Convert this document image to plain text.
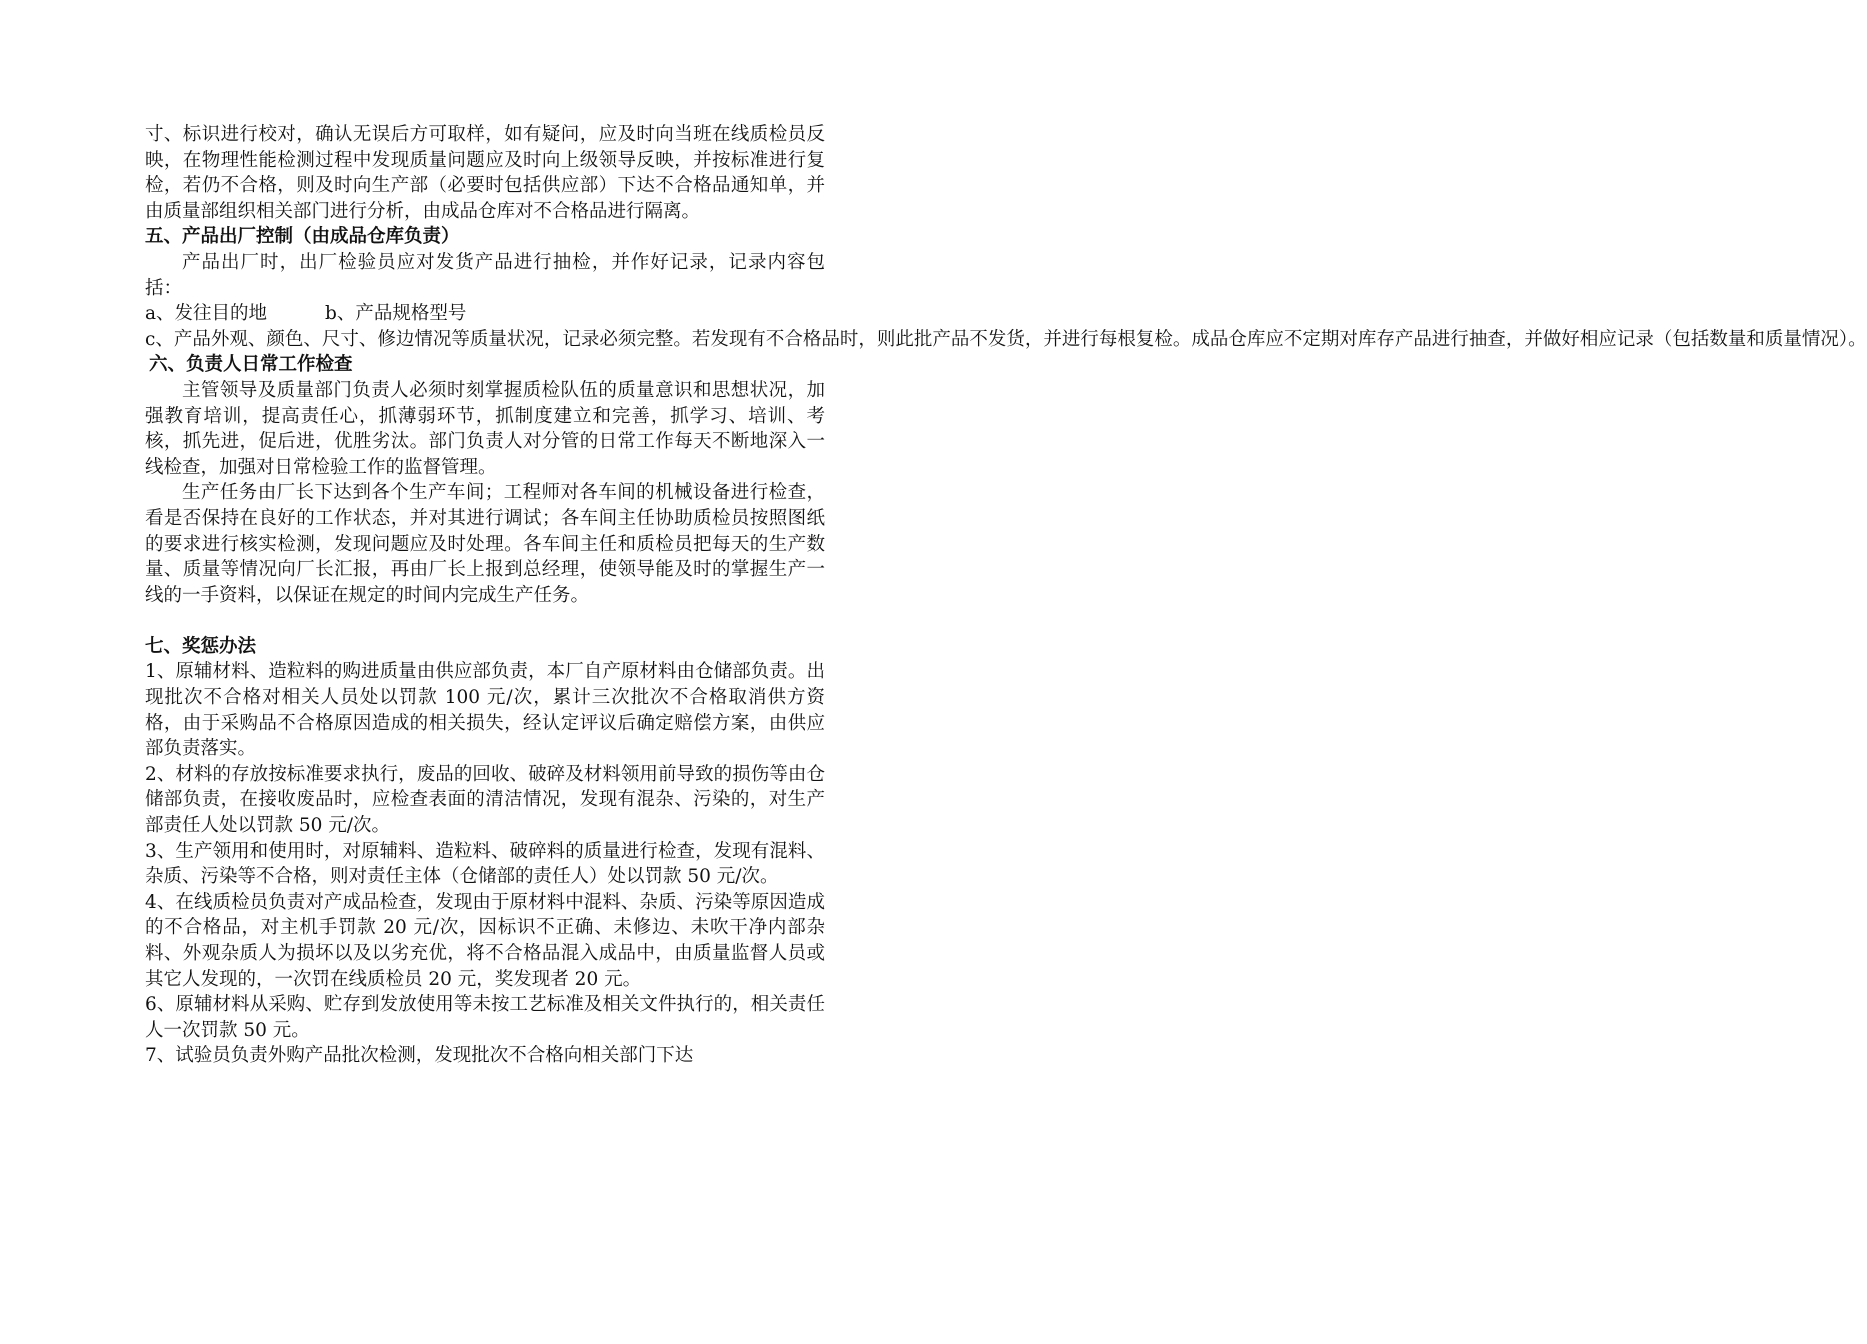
寸、标识进行校对，确认无误后方可取样，如有疑问，应及时向当班在线质检员反映，在物理性能检测过程中发现质量问题应及时向上级领导反映，并按标准进行复检，若仍不合格，则及时向生产部（必要时包括供应部）下达不合格品通知单，并由质量部组织相关部门进行分析，由成品仓库对不合格品进行隔离。

五、产品出厂控制（由成品仓库负责）

产品出厂时，出厂检验员应对发货产品进行抽检，并作好记录，记录内容包括：

a、发往目的地	b、产品规格型号c、产品外观、颜色、尺寸、修边情况等质量状况，记录必须完整。若发现有不合格品时，则此批产品不发货，并进行每根复检。成品仓库应不定期对库存产品进行抽查，并做好相应记录（包括数量和质量情况）。

六、负责人日常工作检查

主管领导及质量部门负责人必须时刻掌握质检队伍的质量意识和思想状况，加强教育培训，提高责任心，抓薄弱环节，抓制度建立和完善，抓学习、培训、考核，抓先进，促后进，优胜劣汰。部门负责人对分管的日常工作每天不断地深入一线检查，加强对日常检验工作的监督管理。

生产任务由厂长下达到各个生产车间；工程师对各车间的机械设备进行检查，看是否保持在良好的工作状态，并对其进行调试；各车间主任协助质检员按照图纸的要求进行核实检测，发现问题应及时处理。各车间主任和质检员把每天的生产数量、质量等情况向厂长汇报，再由厂长上报到总经理，使领导能及时的掌握生产一线的一手资料，以保证在规定的时间内完成生产任务。

七、奖惩办法

1、原辅材料、造粒料的购进质量由供应部负责，本厂自产原材料由仓储部负责。出现批次不合格对相关人员处以罚款 100 元/次，累计三次批次不合格取消供方资格，由于采购品不合格原因造成的相关损失，经认定评议后确定赔偿方案，由供应部负责落实。

2、材料的存放按标准要求执行，废品的回收、破碎及材料领用前导致的损伤等由仓储部负责，在接收废品时，应检查表面的清洁情况，发现有混杂、污染的，对生产部责任人处以罚款 50 元/次。

3、生产领用和使用时，对原辅料、造粒料、破碎料的质量进行检查，发现有混料、杂质、污染等不合格，则对责任主体（仓储部的责任人）处以罚款 50 元/次。

4、在线质检员负责对产成品检查，发现由于原材料中混料、杂质、污染等原因造成的不合格品，对主机手罚款 20 元/次，因标识不正确、未修边、未吹干净内部杂料、外观杂质人为损坏以及以劣充优，将不合格品混入成品中，由质量监督人员或其它人发现的，一次罚在线质检员 20 元，奖发现者 20 元。

6、原辅材料从采购、贮存到发放使用等未按工艺标准及相关文件执行的，相关责任人一次罚款 50 元。

7、试验员负责外购产品批次检测，发现批次不合格向相关部门下达
